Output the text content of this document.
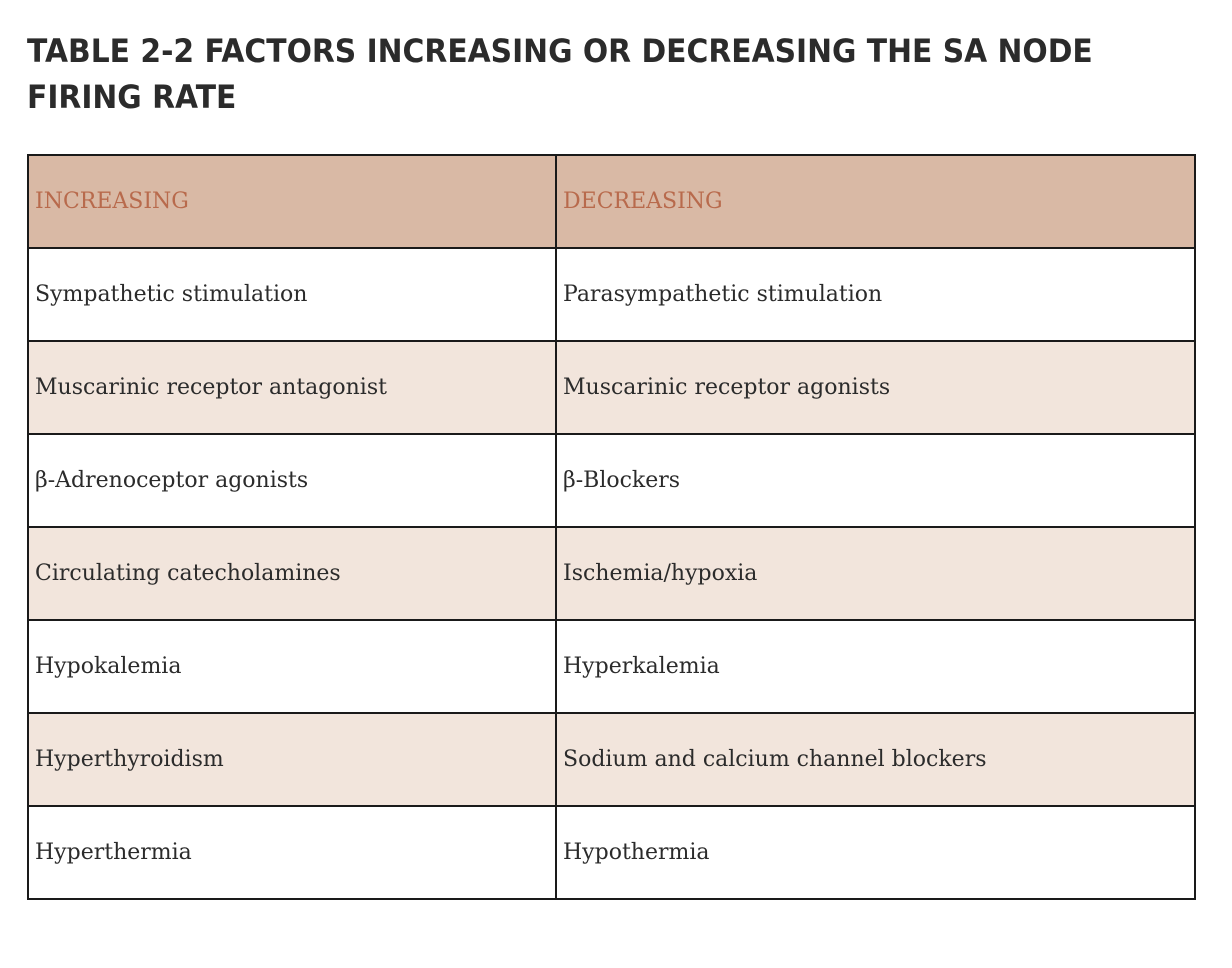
TABLE 2-2 FACTORS INCREASING OR DECREASING THE SA NODE FIRING RATE
INCREASING	DECREASING
Sympathetic stimulation	Parasympathetic stimulation
Muscarinic receptor antagonist	Muscarinic receptor agonists
β-Adrenoceptor agonists	β-Blockers
Circulating catecholamines	Ischemia/hypoxia
Hypokalemia	Hyperkalemia
Hyperthyroidism	Sodium and calcium channel blockers
Hyperthermia	Hypothermia
